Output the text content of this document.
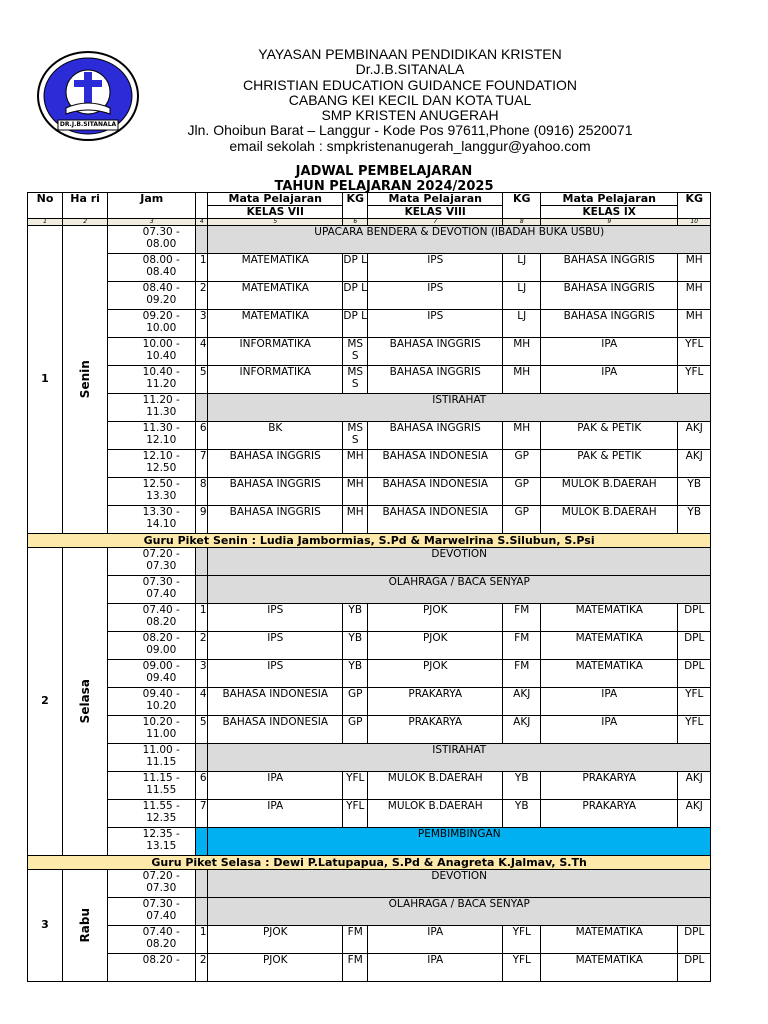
DR.J.B.SITANALA
YAYASAN PEMBINAAN PENDIDIKAN KRISTEN
Dr.J.B.SITANALA
CHRISTIAN EDUCATION GUIDANCE FOUNDATION
CABANG KEI KECIL DAN KOTA TUAL
SMP KRISTEN ANUGERAH
Jln. Ohoibun Barat – Langgur - Kode Pos 97611,Phone (0916) 2520071
email sekolah : smpkristenanugerah_langgur@yahoo.com
JADWAL PEMBELAJARAN
TAHUN PELAJARAN 2024/2025
No	Ha ri	Jam		Mata Pelajaran	KG	Mata Pelajaran	KG	Mata Pelajaran	KG
				KELAS VII		KELAS VIII		KELAS IX	
1	2	3	4	5	6	7	8	9	10
1	Senin	07.30 - 08.00		UPACARA BENDERA & DEVOTION (IBADAH BUKA USBU)					
		08.00 - 08.40	1	MATEMATIKA	DP L	IPS	LJ	BAHASA INGGRIS	MH
		08.40 - 09.20	2	MATEMATIKA	DP L	IPS	LJ	BAHASA INGGRIS	MH
		09.20 - 10.00	3	MATEMATIKA	DP L	IPS	LJ	BAHASA INGGRIS	MH
		10.00 - 10.40	4	INFORMATIKA	MS S	BAHASA INGGRIS	MH	IPA	YFL
		10.40 - 11.20	5	INFORMATIKA	MS S	BAHASA INGGRIS	MH	IPA	YFL
		11.20 - 11.30		ISTIRAHAT					
		11.30 - 12.10	6	BK	MS S	BAHASA INGGRIS	MH	PAK & PETIK	AKJ
		12.10 - 12.50	7	BAHASA INGGRIS	MH	BAHASA INDONESIA	GP	PAK & PETIK	AKJ
		12.50 - 13.30	8	BAHASA INGGRIS	MH	BAHASA INDONESIA	GP	MULOK B.DAERAH	YB
		13.30 - 14.10	9	BAHASA INGGRIS	MH	BAHASA INDONESIA	GP	MULOK B.DAERAH	YB
Guru Piket Senin : Ludia Jambormias, S.Pd & Marwelrina S.Silubun, S.Psi									
2	Selasa	07.20 - 07.30		DEVOTION					
		07.30 - 07.40		OLAHRAGA / BACA SENYAP					
		07.40 - 08.20	1	IPS	YB	PJOK	FM	MATEMATIKA	DPL
		08.20 - 09.00	2	IPS	YB	PJOK	FM	MATEMATIKA	DPL
		09.00 - 09.40	3	IPS	YB	PJOK	FM	MATEMATIKA	DPL
		09.40 - 10.20	4	BAHASA INDONESIA	GP	PRAKARYA	AKJ	IPA	YFL
		10.20 - 11.00	5	BAHASA INDONESIA	GP	PRAKARYA	AKJ	IPA	YFL
		11.00 - 11.15		ISTIRAHAT					
		11.15 - 11.55	6	IPA	YFL	MULOK B.DAERAH	YB	PRAKARYA	AKJ
		11.55 - 12.35	7	IPA	YFL	MULOK B.DAERAH	YB	PRAKARYA	AKJ
		12.35 - 13.15		PEMBIMBINGAN					
Guru Piket Selasa : Dewi P.Latupapua, S.Pd & Anagreta K.Jalmav, S.Th									
3	Rabu	07.20 - 07.30		DEVOTION					
		07.30 - 07.40		OLAHRAGA / BACA SENYAP					
		07.40 - 08.20	1	PJOK	FM	IPA	YFL	MATEMATIKA	DPL
		08.20 -	2	PJOK	FM	IPA	YFL	MATEMATIKA	DPL
